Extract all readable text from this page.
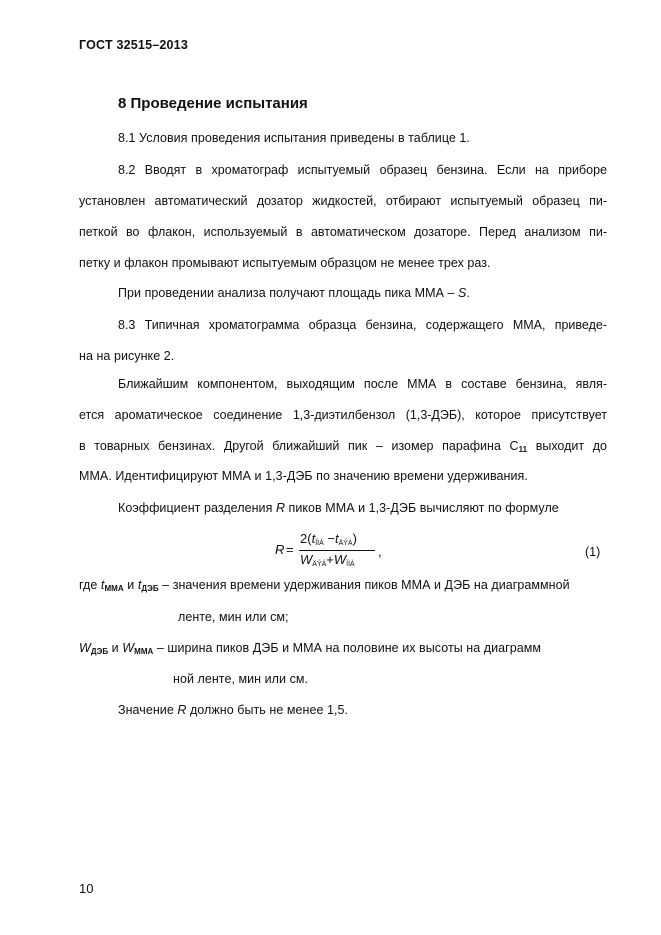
ГОСТ 32515–2013

8 Проведение испытания

8.1 Условия проведения испытания приведены в таблице 1.

8.2 Вводят в хроматограф испытуемый образец бензина. Если на приборе

установлен автоматический дозатор жидкостей, отбирают испытуемый образец пи-

петкой во флакон, используемый в автоматическом дозаторе. Перед анализом пи-

петку и флакон промывают испытуемым образцом не менее трех раз.

При проведении анализа получают площадь пика ММА – S.

8.3 Типичная хроматограмма образца бензина, содержащего ММА, приведе-

на на рисунке 2.

Ближайшим компонентом, выходящим после ММА в составе бензина, явля-

ется ароматическое соединение 1,3-диэтилбензол (1,3-ДЭБ), которое присутствует

в товарных бензинах. Другой ближайший пик – изомер парафина $С_{11}$ выходит до

ММА. Идентифицируют ММА и 1,3-ДЭБ по значению времени удерживания.

Коэффициент разделения R пиков ММА и 1,3-ДЭБ вычисляют по формуле

R =
2(tÌÌÀ −tÄÝÁ)
WÄÝÁ+WÌÌÀ
,	(1)

где $t_{ММА}$ и $t_{ДЭБ}$ – значения времени удерживания пиков ММА и ДЭБ на диаграммной

ленте, мин или см;

$W_{ДЭБ}$ и $W_{ММА}$ – ширина пиков ДЭБ и ММА на половине их высоты на диаграмм

ной ленте, мин или см.

Значение R должно быть не менее 1,5.

10
